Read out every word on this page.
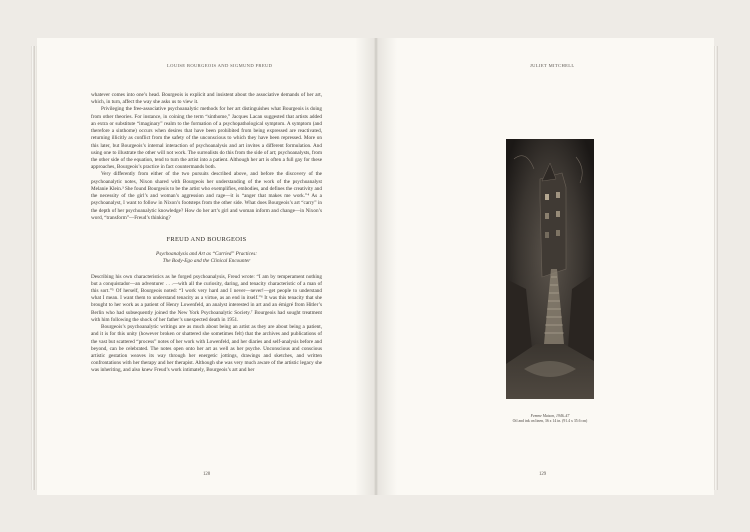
LOUISE BOURGEOIS AND SIGMUND FREUD

whatever comes into one’s head. Bourgeois is explicit and insistent about the associative demands of her art, which, in turn, affect the way she asks us to view it.

Privileging the free-associative psychoanalytic methods for her art distinguishes what Bourgeois is doing from other theories. For instance, in coining the term “sinthome,” Jacques Lacan suggested that artists added an extra or substitute “imaginary” realm to the formation of a psychopathological symptom. A symptom (and therefore a sinthome) occurs when desires that have been prohibited from being expressed are reactivated, returning illicitly as conflict from the safety of the unconscious to which they have been repressed. More on this later, but Bourgeois’s internal interaction of psychoanalysis and art invites a different formulation. And using one to illustrate the other will not work. The surrealists do this from the side of art; psychoanalysts, from the other side of the equation, tend to turn the artist into a patient. Although her art is often a full gay for these approaches, Bourgeois’s practice in fact countermands both.

Very differently from either of the two pursuits described above, and before the discovery of the psychoanalytic notes, Nixon shared with Bourgeois her understanding of the work of the psychoanalyst Melanie Klein.³ She found Bourgeois to be the artist who exemplifies, embodies, and defines the creativity and the necessity of the girl’s and woman’s aggression and rage—it is “anger that makes me work.”⁴ As a psychoanalyst, I want to follow in Nixon’s footsteps from the other side. What does Bourgeois’s art “carry” in the depth of her psychoanalytic knowledge? How do her art’s girl and woman inform and change—in Nixon’s word, “transform”—Freud’s thinking?

FREUD AND BOURGEOIS
Psychoanalysis and Art as “Carried” Practices:
The Body-Ego and the Clinical Encounter

Describing his own characteristics as he forged psychoanalysis, Freud wrote: “I am by temperament nothing but a conquistador—an adventurer . . .—with all the curiosity, daring, and tenacity characteristic of a man of this sort.”⁵ Of herself, Bourgeois noted: “I work very hard and I never—never!—get people to understand what I mean. I want them to understand tenacity as a virtue, as an end in itself.”⁶ It was this tenacity that she brought to her work as a patient of Henry Lowenfeld, an analyst interested in art and an émigré from Hitler’s Berlin who had subsequently joined the New York Psychoanalytic Society.⁷ Bourgeois had sought treatment with him following the shock of her father’s unexpected death in 1951.

Bourgeois’s psychoanalytic writings are as much about being an artist as they are about being a patient, and it is for this unity (however broken or shattered she sometimes felt) that the archives and publications of the vast but scattered “process” notes of her work with Lowenfeld, and her diaries and self-analysis before and beyond, can be celebrated. The notes open onto her art as well as her psyche. Unconscious and conscious artistic gestation weaves its way through her energetic jottings, drawings and sketches, and written confrontations with her therapy and her therapist. Although she was very much aware of the artistic legacy she was inheriting, and also knew Freud’s work intimately, Bourgeois’s art and her

128
JULIET MITCHELL
Femme Maison, 1946–47
Oil and ink on linen, 36 x 14 in. (91.4 x 35.6 cm)
129
